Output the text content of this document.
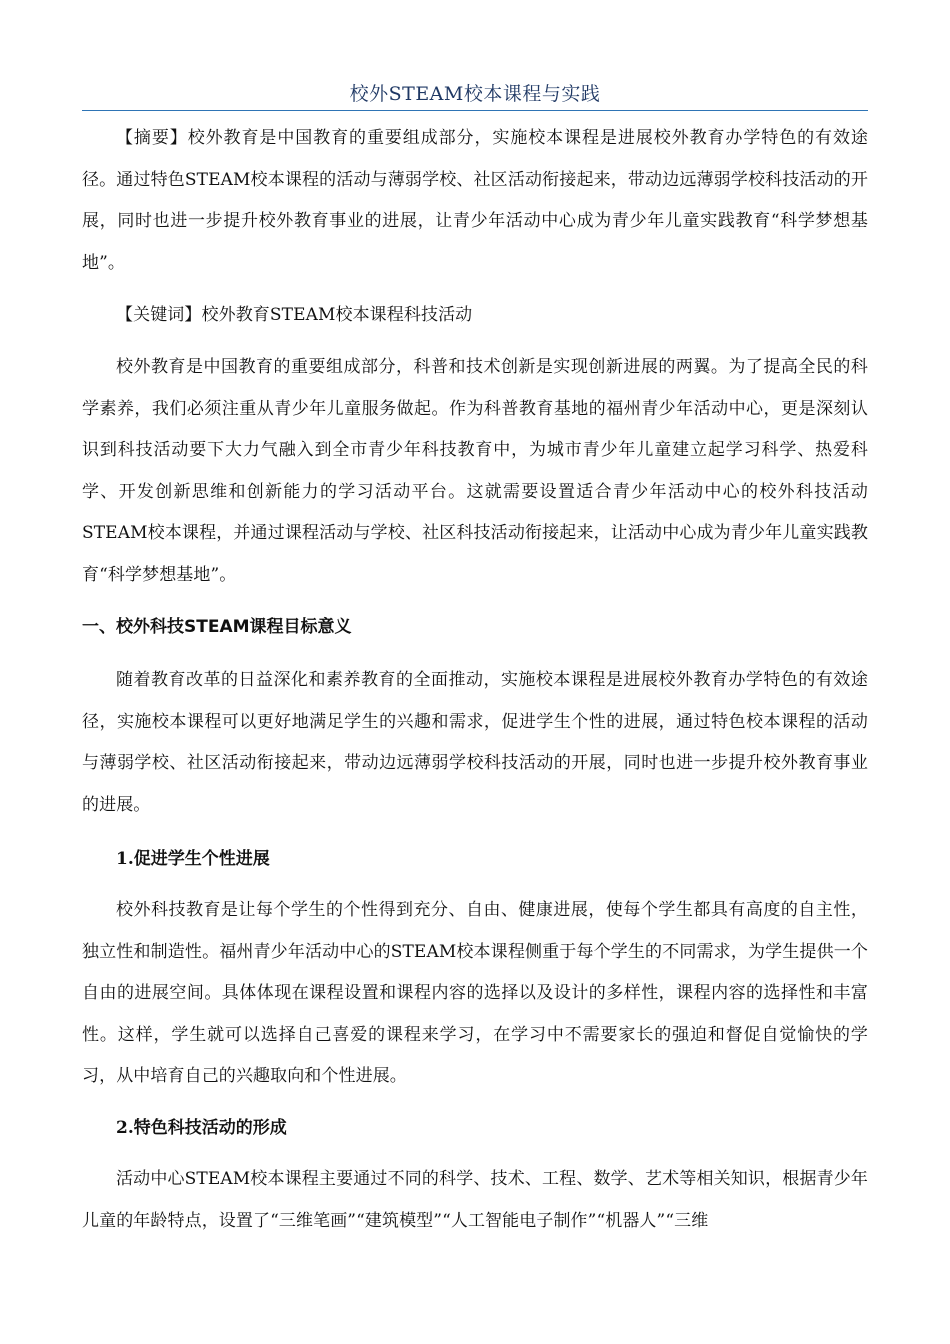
校外STEAM校本课程与实践

【摘要】校外教育是中国教育的重要组成部分，实施校本课程是进展校外教育办学特色的有效途径。通过特色STEAM校本课程的活动与薄弱学校、社区活动衔接起来，带动边远薄弱学校科技活动的开展，同时也进一步提升校外教育事业的进展，让青少年活动中心成为青少年儿童实践教育“科学梦想基地”。

【关键词】校外教育STEAM校本课程科技活动

校外教育是中国教育的重要组成部分，科普和技术创新是实现创新进展的两翼。为了提高全民的科学素养，我们必须注重从青少年儿童服务做起。作为科普教育基地的福州青少年活动中心，更是深刻认识到科技活动要下大力气融入到全市青少年科技教育中，为城市青少年儿童建立起学习科学、热爱科学、开发创新思维和创新能力的学习活动平台。这就需要设置适合青少年活动中心的校外科技活动STEAM校本课程，并通过课程活动与学校、社区科技活动衔接起来，让活动中心成为青少年儿童实践教育“科学梦想基地”。

一、校外科技STEAM课程目标意义

随着教育改革的日益深化和素养教育的全面推动，实施校本课程是进展校外教育办学特色的有效途径，实施校本课程可以更好地满足学生的兴趣和需求，促进学生个性的进展，通过特色校本课程的活动与薄弱学校、社区活动衔接起来，带动边远薄弱学校科技活动的开展，同时也进一步提升校外教育事业的进展。

1.促进学生个性进展

校外科技教育是让每个学生的个性得到充分、自由、健康进展，使每个学生都具有高度的自主性，独立性和制造性。福州青少年活动中心的STEAM校本课程侧重于每个学生的不同需求，为学生提供一个自由的进展空间。具体体现在课程设置和课程内容的选择以及设计的多样性，课程内容的选择性和丰富性。这样，学生就可以选择自己喜爱的课程来学习，在学习中不需要家长的强迫和督促自觉愉快的学习，从中培育自己的兴趣取向和个性进展。

2.特色科技活动的形成

活动中心STEAM校本课程主要通过不同的科学、技术、工程、数学、艺术等相关知识，根据青少年儿童的年龄特点，设置了“三维笔画”“建筑模型”“人工智能电子制作”“机器人”“三维
